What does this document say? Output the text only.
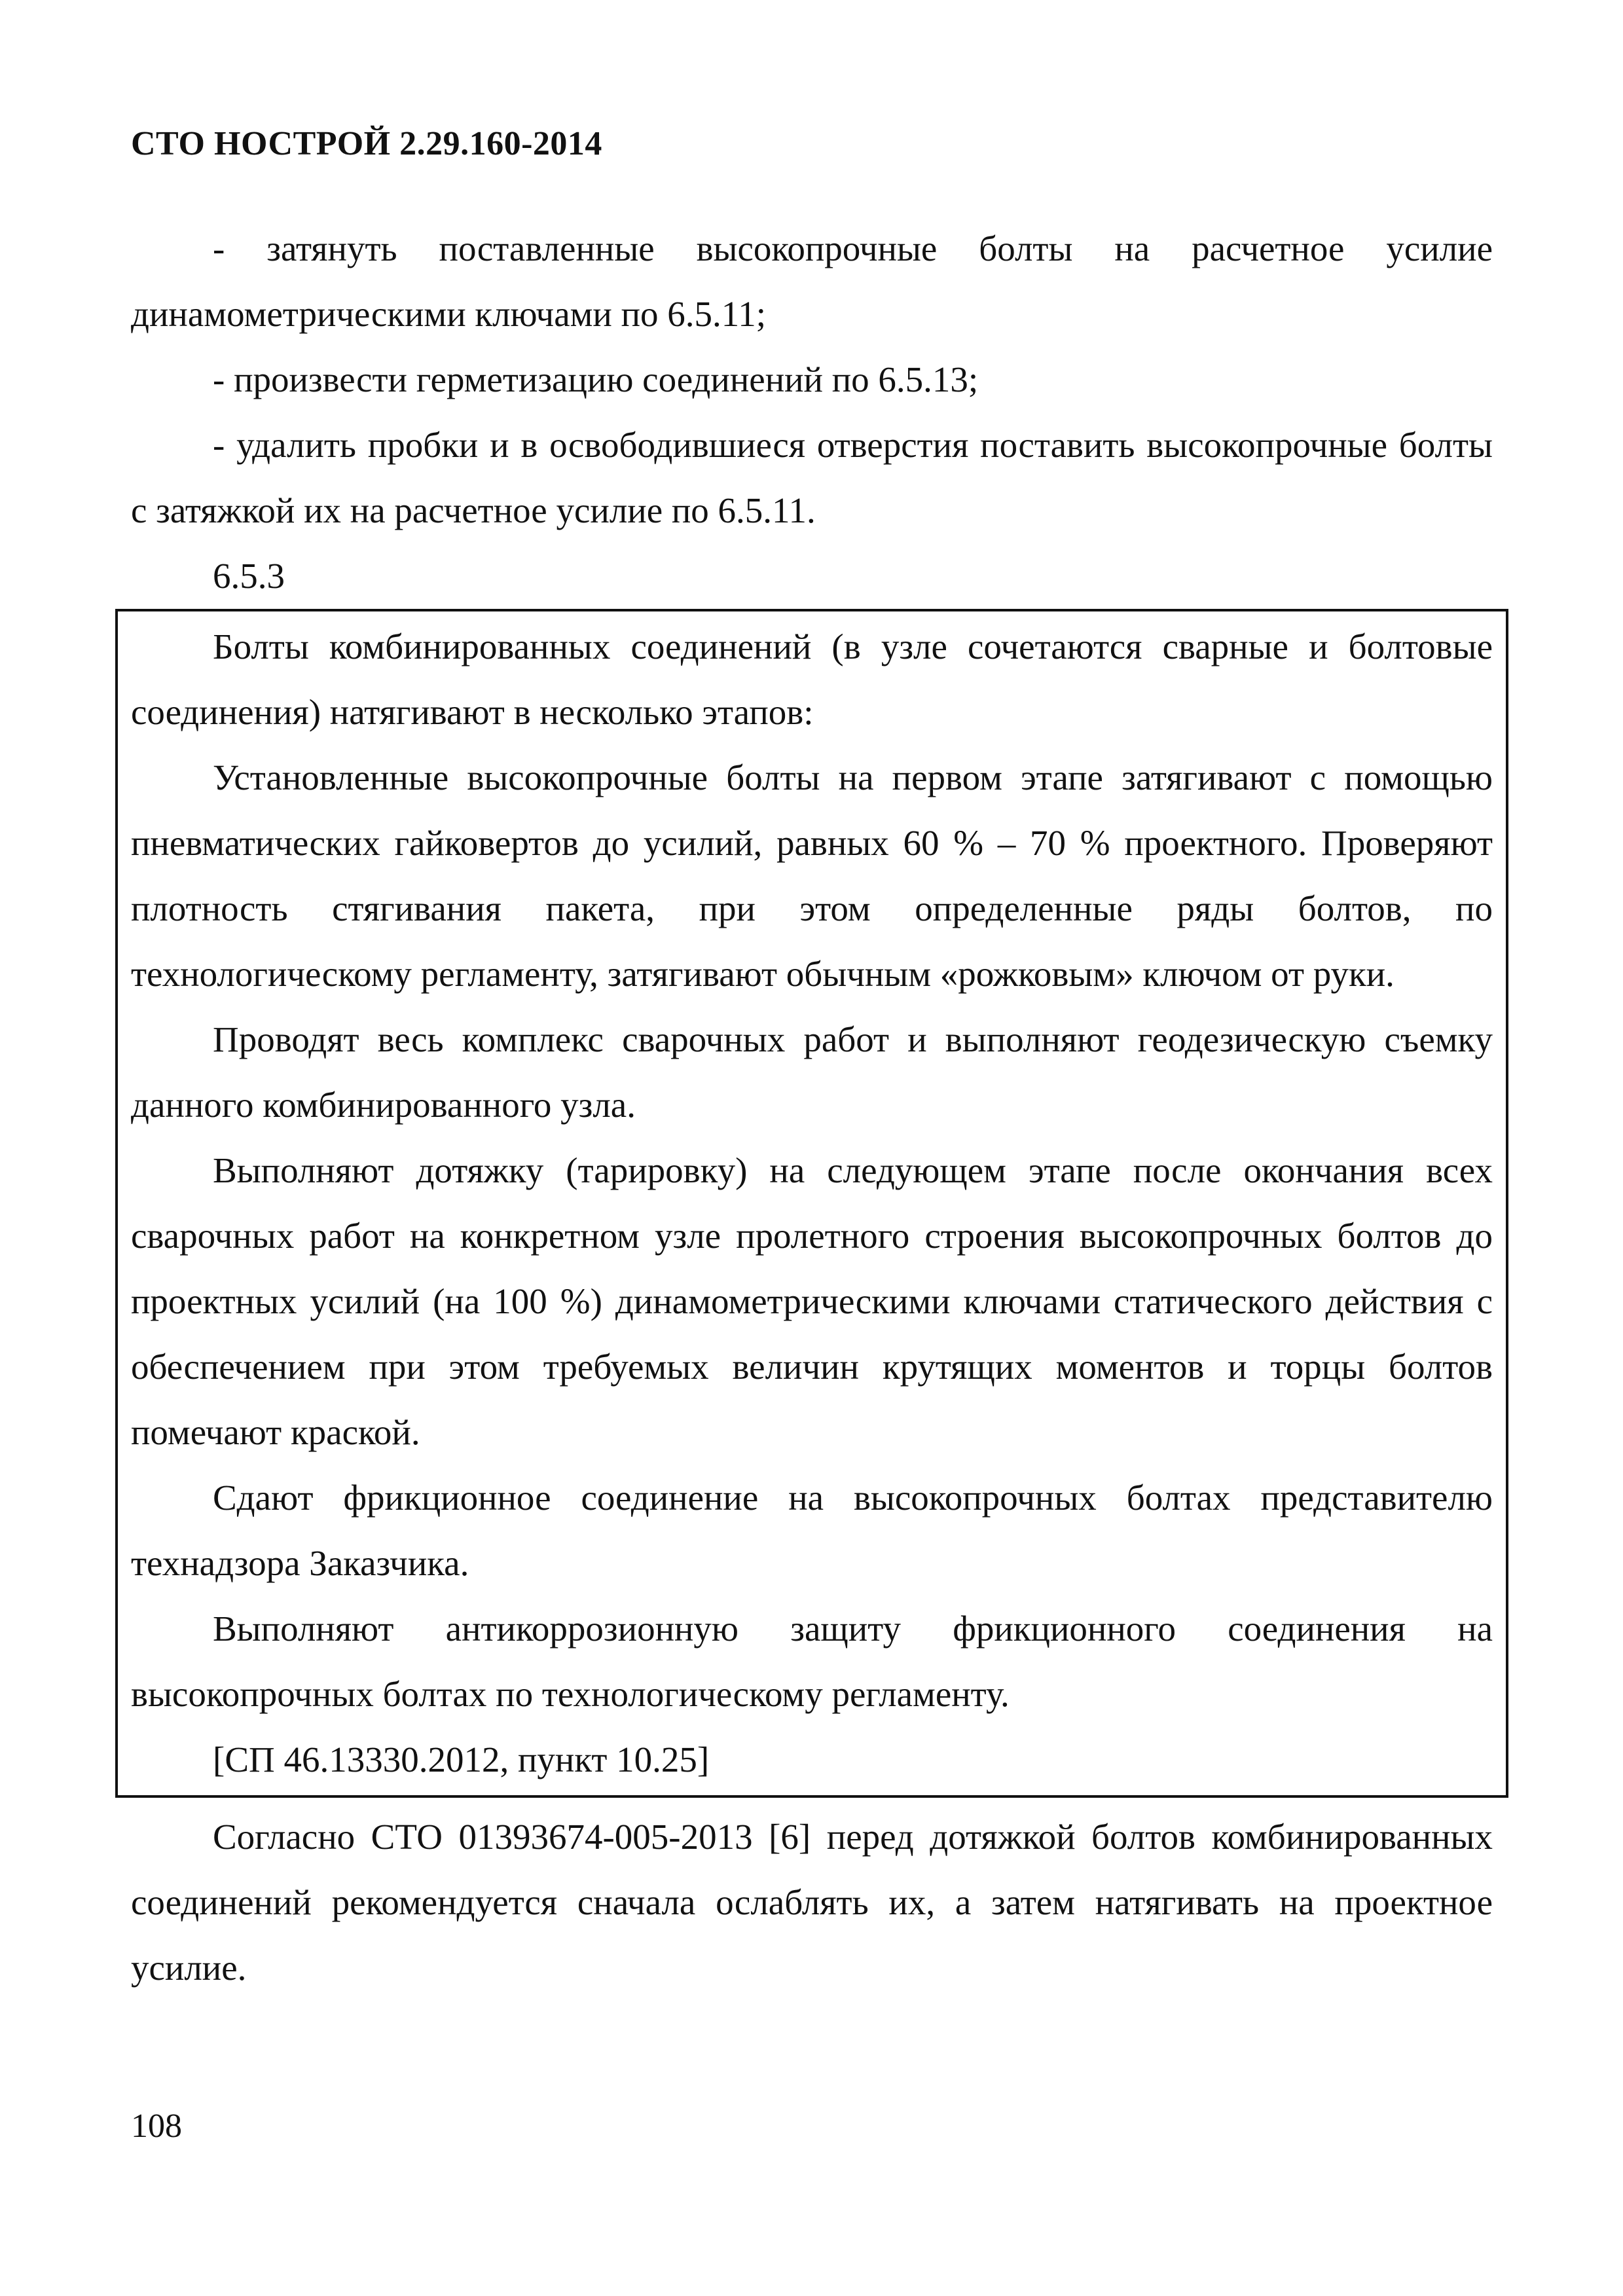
СТО НОСТРОЙ 2.29.160-2014

- затянуть поставленные высокопрочные болты на расчетное усилие динамометрическими ключами по 6.5.11;

- произвести герметизацию соединений по 6.5.13;

- удалить пробки и в освободившиеся отверстия поставить высокопрочные болты с затяжкой их на расчетное усилие по 6.5.11.

6.5.3

Болты комбинированных соединений (в узле сочетаются сварные и болтовые соединения) натягивают в несколько этапов:

Установленные высокопрочные болты на первом этапе затягивают с помощью пневматических гайковертов до усилий, равных 60 % – 70 % проектного. Проверяют плотность стягивания пакета, при этом определенные ряды болтов, по технологическому регламенту, затягивают обычным «рожковым» ключом от руки.

Проводят весь комплекс сварочных работ и выполняют геодезическую съемку данного комбинированного узла.

Выполняют дотяжку (тарировку) на следующем этапе после окончания всех сварочных работ на конкретном узле пролетного строения высокопрочных болтов до проектных усилий (на 100 %) динамометрическими ключами статического действия с обеспечением при этом требуемых величин крутящих моментов и торцы болтов помечают краской.

Сдают фрикционное соединение на высокопрочных болтах представителю технадзора Заказчика.

Выполняют антикоррозионную защиту фрикционного соединения на высокопрочных болтах по технологическому регламенту.

[СП 46.13330.2012, пункт 10.25]

Согласно СТО 01393674-005-2013 [6] перед дотяжкой болтов комбинированных соединений рекомендуется сначала ослаблять их, а затем натягивать на проектное усилие.

108
